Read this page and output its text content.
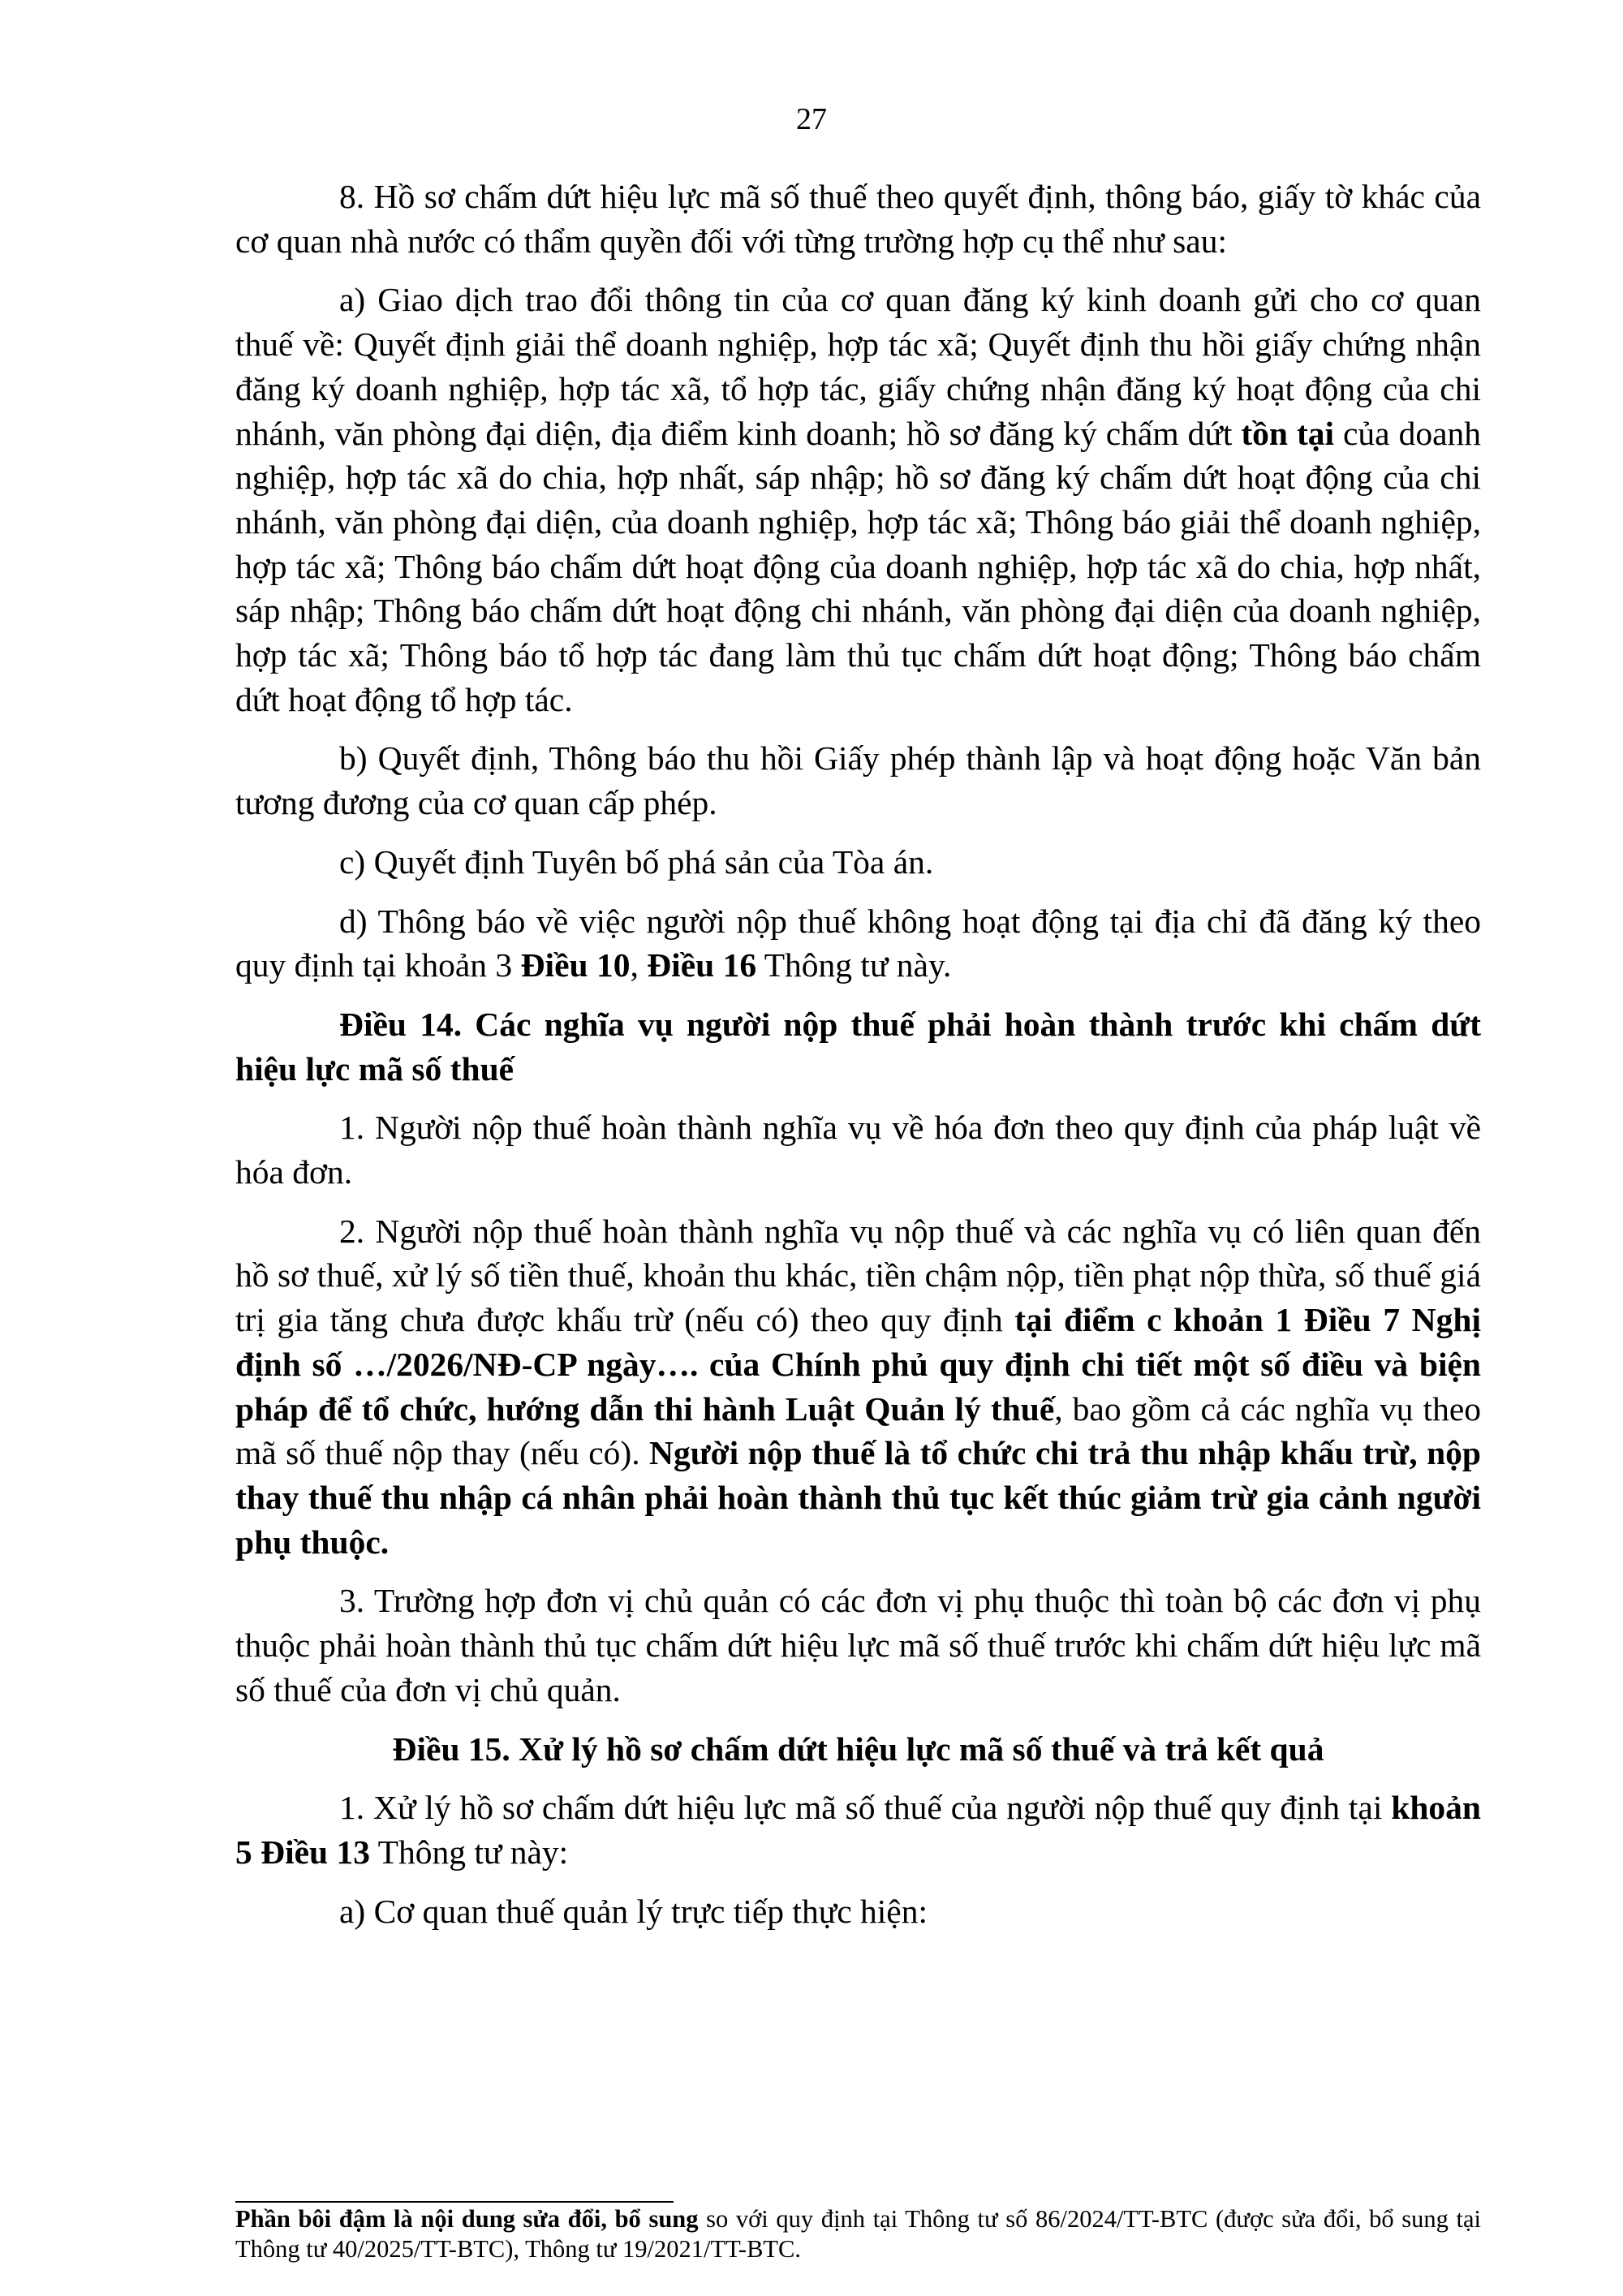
27

8. Hồ sơ chấm dứt hiệu lực mã số thuế theo quyết định, thông báo, giấy tờ khác của cơ quan nhà nước có thẩm quyền đối với từng trường hợp cụ thể như sau:

a) Giao dịch trao đổi thông tin của cơ quan đăng ký kinh doanh gửi cho cơ quan thuế về: Quyết định giải thể doanh nghiệp, hợp tác xã; Quyết định thu hồi giấy chứng nhận đăng ký doanh nghiệp, hợp tác xã, tổ hợp tác, giấy chứng nhận đăng ký hoạt động của chi nhánh, văn phòng đại diện, địa điểm kinh doanh; hồ sơ đăng ký chấm dứt tồn tại của doanh nghiệp, hợp tác xã do chia, hợp nhất, sáp nhập; hồ sơ đăng ký chấm dứt hoạt động của chi nhánh, văn phòng đại diện, của doanh nghiệp, hợp tác xã; Thông báo giải thể doanh nghiệp, hợp tác xã; Thông báo chấm dứt hoạt động của doanh nghiệp, hợp tác xã do chia, hợp nhất, sáp nhập; Thông báo chấm dứt hoạt động chi nhánh, văn phòng đại diện của doanh nghiệp, hợp tác xã; Thông báo tổ hợp tác đang làm thủ tục chấm dứt hoạt động; Thông báo chấm dứt hoạt động tổ hợp tác.

b) Quyết định, Thông báo thu hồi Giấy phép thành lập và hoạt động hoặc Văn bản tương đương của cơ quan cấp phép.

c) Quyết định Tuyên bố phá sản của Tòa án.

d) Thông báo về việc người nộp thuế không hoạt động tại địa chỉ đã đăng ký theo quy định tại khoản 3 Điều 10, Điều 16 Thông tư này.

Điều 14. Các nghĩa vụ người nộp thuế phải hoàn thành trước khi chấm dứt hiệu lực mã số thuế

1. Người nộp thuế hoàn thành nghĩa vụ về hóa đơn theo quy định của pháp luật về hóa đơn.

2. Người nộp thuế hoàn thành nghĩa vụ nộp thuế và các nghĩa vụ có liên quan đến hồ sơ thuế, xử lý số tiền thuế, khoản thu khác, tiền chậm nộp, tiền phạt nộp thừa, số thuế giá trị gia tăng chưa được khấu trừ (nếu có) theo quy định tại điểm c khoản 1 Điều 7 Nghị định số …/2026/NĐ-CP ngày…. của Chính phủ quy định chi tiết một số điều và biện pháp để tổ chức, hướng dẫn thi hành Luật Quản lý thuế, bao gồm cả các nghĩa vụ theo mã số thuế nộp thay (nếu có). Người nộp thuế là tổ chức chi trả thu nhập khấu trừ, nộp thay thuế thu nhập cá nhân phải hoàn thành thủ tục kết thúc giảm trừ gia cảnh người phụ thuộc.

3. Trường hợp đơn vị chủ quản có các đơn vị phụ thuộc thì toàn bộ các đơn vị phụ thuộc phải hoàn thành thủ tục chấm dứt hiệu lực mã số thuế trước khi chấm dứt hiệu lực mã số thuế của đơn vị chủ quản.

Điều 15. Xử lý hồ sơ chấm dứt hiệu lực mã số thuế và trả kết quả

1. Xử lý hồ sơ chấm dứt hiệu lực mã số thuế của người nộp thuế quy định tại khoản 5 Điều 13 Thông tư này:

a) Cơ quan thuế quản lý trực tiếp thực hiện:

Phần bôi đậm là nội dung sửa đổi, bổ sung so với quy định tại Thông tư số 86/2024/TT-BTC (được sửa đổi, bổ sung tại Thông tư 40/2025/TT-BTC), Thông tư 19/2021/TT-BTC.
